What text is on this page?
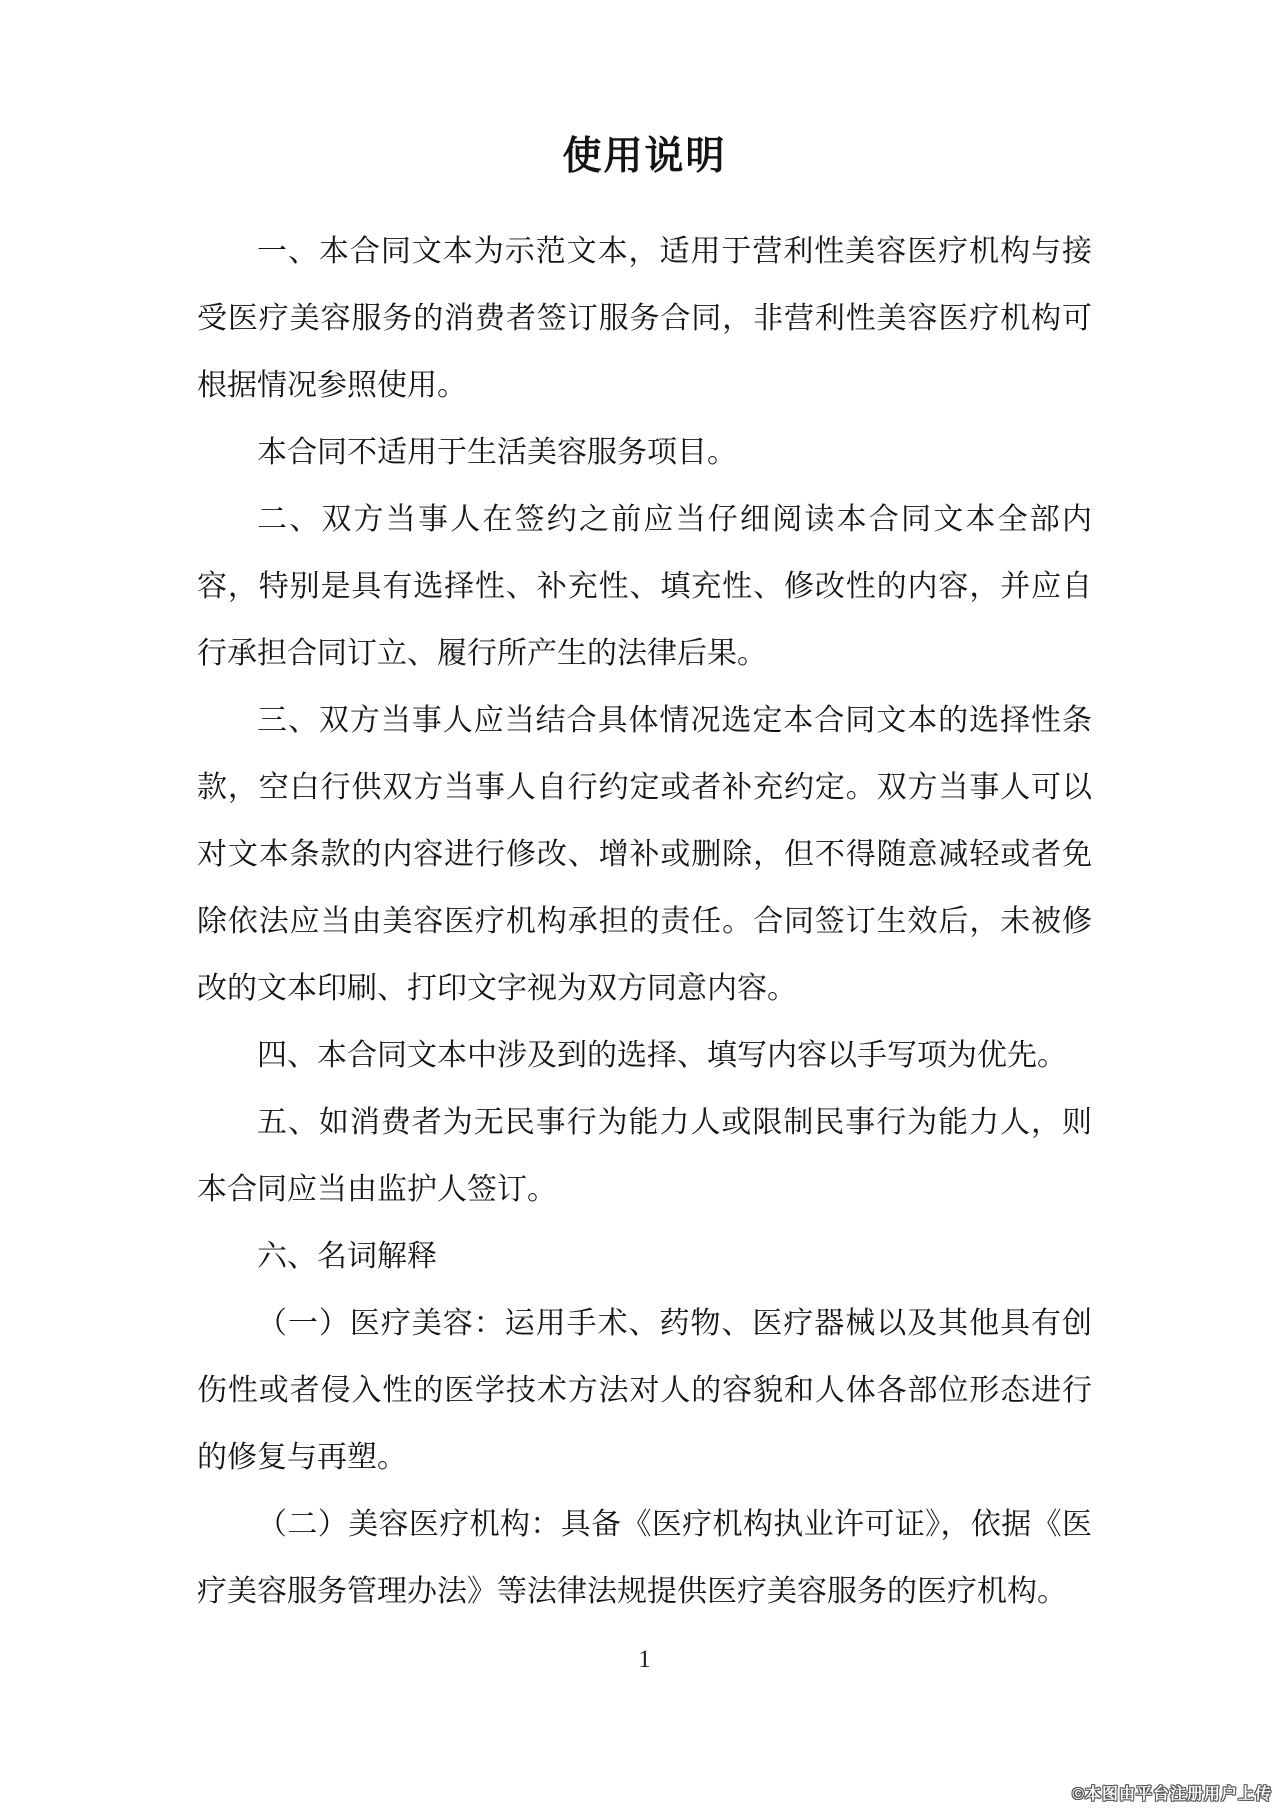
使用说明

一、本合同文本为示范文本，适用于营利性美容医疗机构与接受医疗美容服务的消费者签订服务合同，非营利性美容医疗机构可根据情况参照使用。

本合同不适用于生活美容服务项目。

二、双方当事人在签约之前应当仔细阅读本合同文本全部内容，特别是具有选择性、补充性、填充性、修改性的内容，并应自行承担合同订立、履行所产生的法律后果。

三、双方当事人应当结合具体情况选定本合同文本的选择性条款，空白行供双方当事人自行约定或者补充约定。双方当事人可以对文本条款的内容进行修改、增补或删除，但不得随意减轻或者免除依法应当由美容医疗机构承担的责任。合同签订生效后，未被修改的文本印刷、打印文字视为双方同意内容。

四、本合同文本中涉及到的选择、填写内容以手写项为优先。

五、如消费者为无民事行为能力人或限制民事行为能力人，则本合同应当由监护人签订。

六、名词解释

（一）医疗美容：运用手术、药物、医疗器械以及其他具有创伤性或者侵入性的医学技术方法对人的容貌和人体各部位形态进行的修复与再塑。

（二）美容医疗机构：具备《医疗机构执业许可证》，依据《医疗美容服务管理办法》等法律法规提供医疗美容服务的医疗机构。

1
©本图由平台注册用户上传
